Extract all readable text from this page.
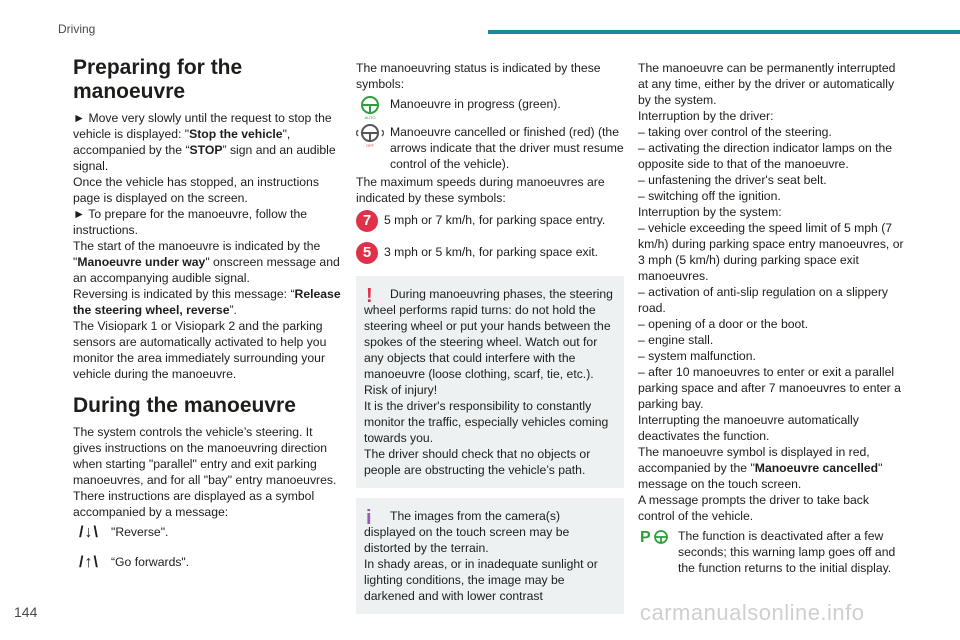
Driving
Preparing for the manoeuvre

► Move very slowly until the request to stop the vehicle is displayed: "Stop the vehicle", accompanied by the “STOP” sign and an audible signal.

Once the vehicle has stopped, an instructions page is displayed on the screen.

► To prepare for the manoeuvre, follow the instructions.

The start of the manoeuvre is indicated by the "Manoeuvre under way" onscreen message and an accompanying audible signal.

Reversing is indicated by this message: “Release the steering wheel, reverse”.

The Visiopark 1 or Visiopark 2 and the parking sensors are automatically activated to help you monitor the area immediately surrounding your vehicle during the manoeuvre.

During the manoeuvre

The system controls the vehicle’s steering. It gives instructions on the manoeuvring direction when starting "parallel" entry and exit parking manoeuvres, and for all "bay" entry manoeuvres.

There instructions are displayed as a symbol accompanied by a message:

/↓\ "Reverse".
/↑\ “Go forwards".

The manoeuvring status is indicated by these symbols:

AUTO
Manoeuvre in progress (green).
OFF
Manoeuvre cancelled or finished (red) (the arrows indicate that the driver must resume control of the vehicle).

The maximum speeds during manoeuvres are indicated by these symbols:

7	5 mph or 7 km/h, for parking space entry.
5	3 mph or 5 km/h, for parking space exit.
!	During manoeuvring phases, the steering wheel performs rapid turns: do not hold the steering wheel or put your hands between the spokes of the steering wheel. Watch out for any objects that could interfere with the manoeuvre (loose clothing, scarf, tie, etc.). Risk of injury!

It is the driver's responsibility to constantly monitor the traffic, especially vehicles coming towards you.

The driver should check that no objects or people are obstructing the vehicle’s path.

i	The images from the camera(s) displayed on the touch screen may be distorted by the terrain.

In shady areas, or in inadequate sunlight or lighting conditions, the image may be darkened and with lower contrast

The manoeuvre can be permanently interrupted at any time, either by the driver or automatically by the system.

Interruption by the driver:

– taking over control of the steering.

– activating the direction indicator lamps on the opposite side to that of the manoeuvre.

– unfastening the driver's seat belt.

– switching off the ignition.

Interruption by the system:

– vehicle exceeding the speed limit of 5 mph (7 km/h) during parking space entry manoeuvres, or 3 mph (5 km/h) during parking space exit manoeuvres.

– activation of anti-slip regulation on a slippery road.

– opening of a door or the boot.

– engine stall.

– system malfunction.

– after 10 manoeuvres to enter or exit a parallel parking space and after 7 manoeuvres to enter a parking bay.

Interrupting the manoeuvre automatically deactivates the function.

The manoeuvre symbol is displayed in red, accompanied by the "Manoeuvre cancelled" message on the touch screen.

A message prompts the driver to take back control of the vehicle.

P The function is deactivated after a few seconds; this warning lamp goes off and the function returns to the initial display.
144	carmanualsonline.info
